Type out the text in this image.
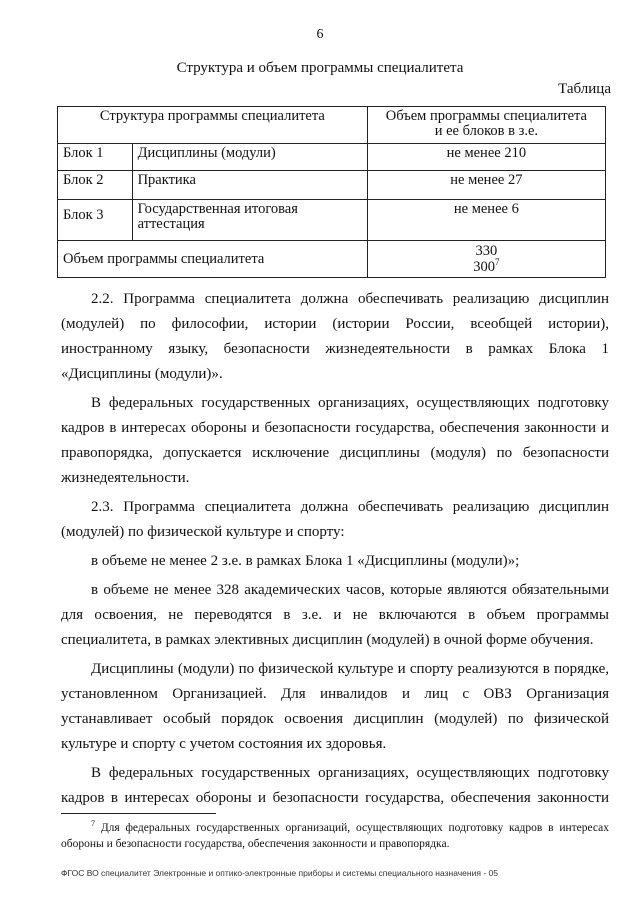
6
Структура и объем программы специалитета
Таблица
Структура программы специалитета		Объем программы специалитета
и ее блоков в з.е.
Блок 1	Дисциплины (модули)	не менее 210
Блок 2	Практика	не менее 27
Блок 3	Государственная итоговая аттестация	не менее 6
Объем программы специалитета		330
$300^7$

2.2. Программа специалитета должна обеспечивать реализацию дисциплин (модулей) по философии, истории (истории России, всеобщей истории), иностранному языку, безопасности жизнедеятельности в рамках Блока 1 «Дисциплины (модули)».

В федеральных государственных организациях, осуществляющих подготовку кадров в интересах обороны и безопасности государства, обеспечения законности и правопорядка, допускается исключение дисциплины (модуля) по безопасности жизнедеятельности.

2.3. Программа специалитета должна обеспечивать реализацию дисциплин (модулей) по физической культуре и спорту:

в объеме не менее 2 з.е. в рамках Блока 1 «Дисциплины (модули)»;

в объеме не менее 328 академических часов, которые являются обязательными для освоения, не переводятся в з.е. и не включаются в объем программы специалитета, в рамках элективных дисциплин (модулей) в очной форме обучения.

Дисциплины (модули) по физической культуре и спорту реализуются в порядке, установленном Организацией. Для инвалидов и лиц с ОВЗ Организация устанавливает особый порядок освоения дисциплин (модулей) по физической культуре и спорту с учетом состояния их здоровья.

В федеральных государственных организациях, осуществляющих подготовку кадров в интересах обороны и безопасности государства, обеспечения законности

$^7$ Для федеральных государственных организаций, осуществляющих подготовку кадров в интересах обороны и безопасности государства, обеспечения законности и правопорядка.
ФГОС ВО специалитет Электронные и оптико-электронные приборы и системы специального назначения - 05
